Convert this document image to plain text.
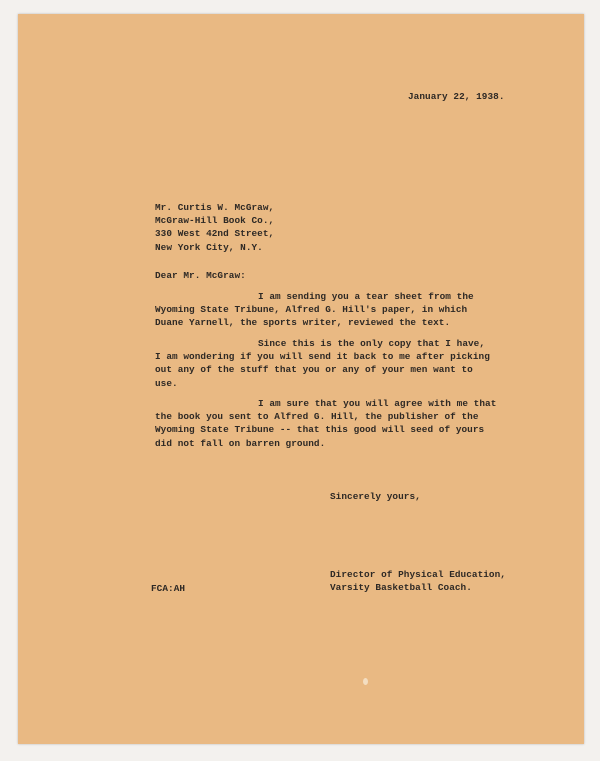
January 22, 1938.
Mr. Curtis W. McGraw,
McGraw-Hill Book Co.,
330 West 42nd Street,
New York City, N.Y.
Dear Mr. McGraw:
I am sending you a tear sheet from the
Wyoming State Tribune, Alfred G. Hill's paper, in which
Duane Yarnell, the sports writer, reviewed the text.
Since this is the only copy that I have,
I am wondering if you will send it back to me after picking
out any of the stuff that you or any of your men want to
use.
I am sure that you will agree with me that
the book you sent to Alfred G. Hill, the publisher of the
Wyoming State Tribune -- that this good will seed of yours
did not fall on barren ground.
Sincerely yours,
Director of Physical Education,
Varsity Basketball Coach.
FCA:AH
